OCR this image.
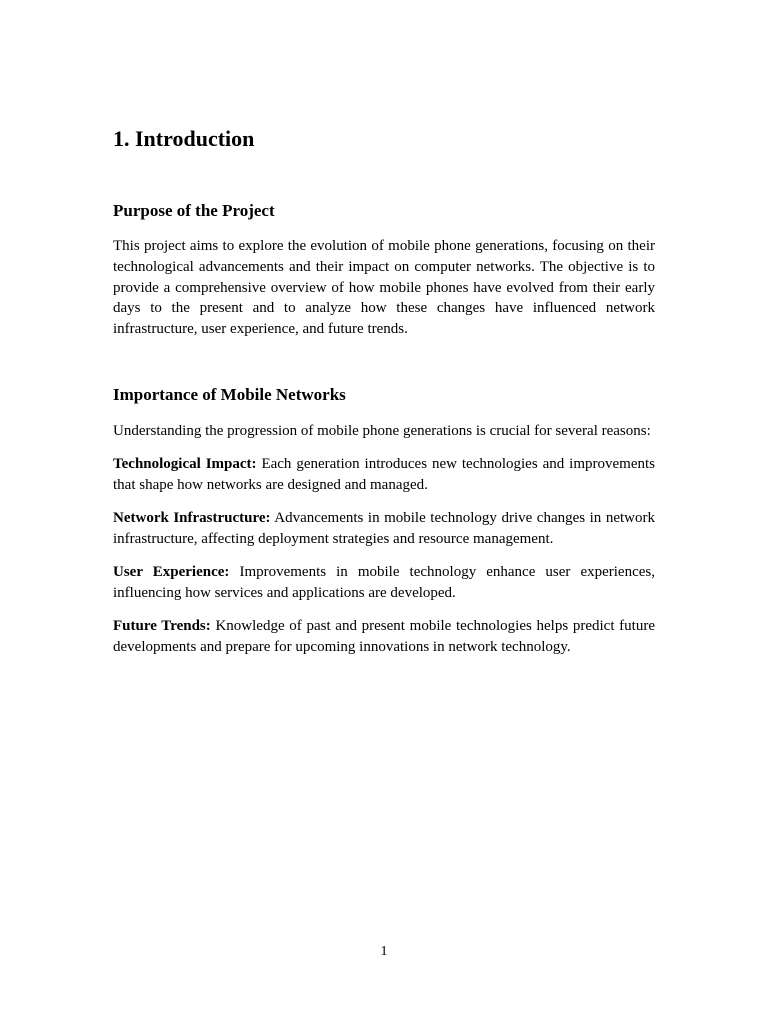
1. Introduction
Purpose of the Project

This project aims to explore the evolution of mobile phone generations, focusing on their technological advancements and their impact on computer networks. The objective is to provide a comprehensive overview of how mobile phones have evolved from their early days to the present and to analyze how these changes have influenced network infrastructure, user experience, and future trends.

Importance of Mobile Networks

Understanding the progression of mobile phone generations is crucial for several reasons:

Technological Impact: Each generation introduces new technologies and improvements that shape how networks are designed and managed.

Network Infrastructure: Advancements in mobile technology drive changes in network infrastructure, affecting deployment strategies and resource management.

User Experience: Improvements in mobile technology enhance user experiences, influencing how services and applications are developed.

Future Trends: Knowledge of past and present mobile technologies helps predict future developments and prepare for upcoming innovations in network technology.

1
